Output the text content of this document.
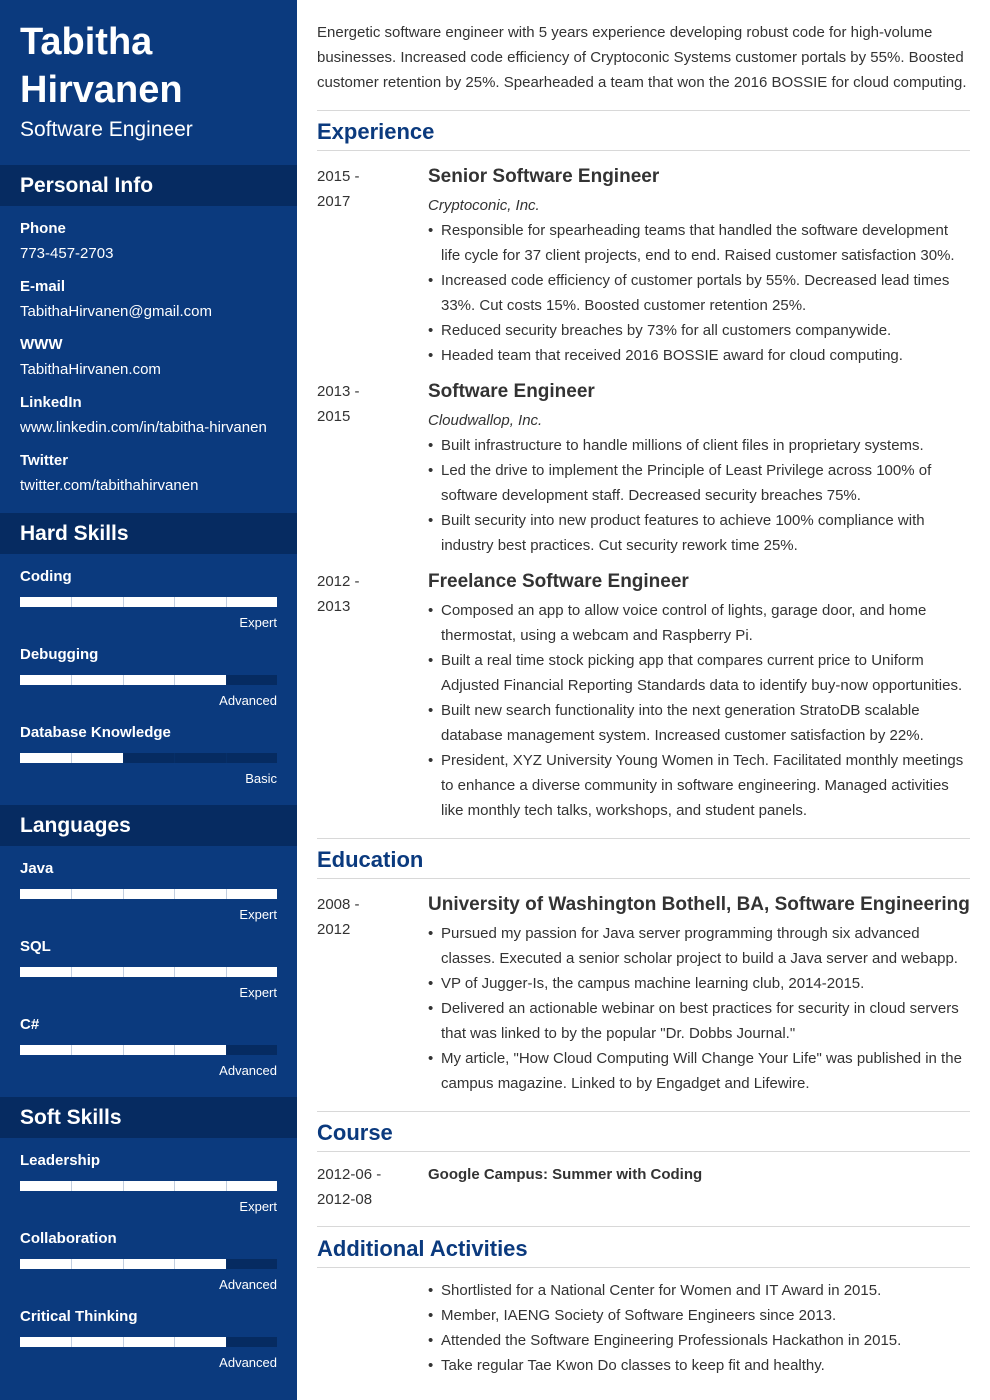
Tabitha Hirvanen
Software Engineer
Personal Info
Phone
773-457-2703
E-mail
TabithaHirvanen@gmail.com
WWW
TabithaHirvanen.com
LinkedIn
www.linkedin.com/in/tabitha-hirvanen
Twitter
twitter.com/tabithahirvanen
Hard Skills
Coding
Expert
Debugging
Advanced
Database Knowledge
Basic
Languages
Java
Expert
SQL
Expert
C#
Advanced
Soft Skills
Leadership
Expert
Collaboration
Advanced
Critical Thinking
Advanced
Energetic software engineer with 5 years experience developing robust code for high-volume businesses. Increased code efficiency of Cryptoconic Systems customer portals by 55%. Boosted customer retention by 25%. Spearheaded a team that won the 2016 BOSSIE for cloud computing.
Experience
2015 -
2017
Senior Software Engineer
Cryptoconic, Inc.
• Responsible for spearheading teams that handled the software development life cycle for 37 client projects, end to end. Raised customer satisfaction 30%.
• Increased code efficiency of customer portals by 55%. Decreased lead times 33%. Cut costs 15%. Boosted customer retention 25%.
• Reduced security breaches by 73% for all customers companywide.
• Headed team that received 2016 BOSSIE award for cloud computing.
2013 -
2015
Software Engineer
Cloudwallop, Inc.
• Built infrastructure to handle millions of client files in proprietary systems.
• Led the drive to implement the Principle of Least Privilege across 100% of software development staff. Decreased security breaches 75%.
• Built security into new product features to achieve 100% compliance with industry best practices. Cut security rework time 25%.
2012 -
2013
Freelance Software Engineer
• Composed an app to allow voice control of lights, garage door, and home thermostat, using a webcam and Raspberry Pi.
• Built a real time stock picking app that compares current price to Uniform Adjusted Financial Reporting Standards data to identify buy-now opportunities.
• Built new search functionality into the next generation StratoDB scalable database management system. Increased customer satisfaction by 22%.
• President, XYZ University Young Women in Tech. Facilitated monthly meetings to enhance a diverse community in software engineering. Managed activities like monthly tech talks, workshops, and student panels.
Education
2008 -
2012
University of Washington Bothell, BA, Software Engineering
• Pursued my passion for Java server programming through six advanced classes. Executed a senior scholar project to build a Java server and webapp.
• VP of Jugger-Is, the campus machine learning club, 2014-2015.
• Delivered an actionable webinar on best practices for security in cloud servers that was linked to by the popular "Dr. Dobbs Journal."
• My article, "How Cloud Computing Will Change Your Life" was published in the campus magazine. Linked to by Engadget and Lifewire.
Course
2012-06 -
2012-08
Google Campus: Summer with Coding
Additional Activities
• Shortlisted for a National Center for Women and IT Award in 2015.
• Member, IAENG Society of Software Engineers since 2013.
• Attended the Software Engineering Professionals Hackathon in 2015.
• Take regular Tae Kwon Do classes to keep fit and healthy.
